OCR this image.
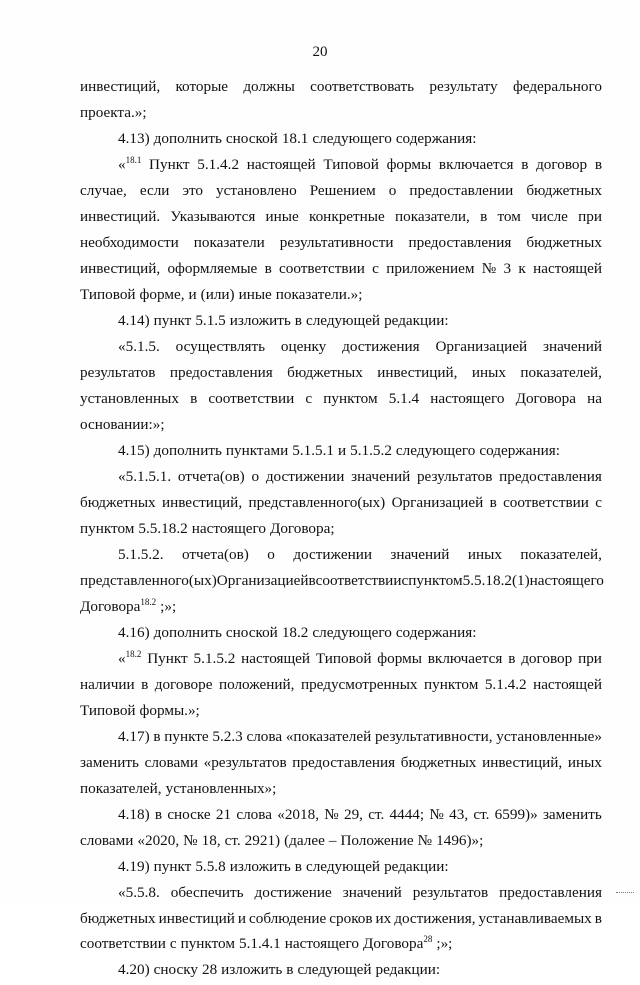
20
инвестиций, которые должны соответствовать результату федерального
проекта.»;
4.13) дополнить сноской 18.1 следующего содержания:
«$^{18.1}$ Пункт 5.1.4.2 настоящей Типовой формы включается в договор в
случае, если это установлено Решением о предоставлении бюджетных
инвестиций. Указываются иные конкретные показатели, в том числе при
необходимости показатели результативности предоставления бюджетных
инвестиций, оформляемые в соответствии с приложением № 3 к настоящей
Типовой форме, и (или) иные показатели.»;
4.14) пункт 5.1.5 изложить в следующей редакции:
«5.1.5. осуществлять оценку достижения Организацией значений
результатов предоставления бюджетных инвестиций, иных показателей,
установленных в соответствии с пунктом 5.1.4 настоящего Договора на
основании:»;
4.15) дополнить пунктами 5.1.5.1 и 5.1.5.2 следующего содержания:
«5.1.5.1. отчета(ов) о достижении значений результатов предоставления
бюджетных инвестиций, представленного(ых) Организацией в соответствии с
пунктом 5.5.18.2 настоящего Договора;
5.1.5.2. отчета(ов) о достижении значений иных показателей,
представленного(ых) Организацией в соответствии с пунктом 5.5.18.2(1) настоящего
Договора$^{18.2}$ ;»;
4.16) дополнить сноской 18.2 следующего содержания:
«$^{18.2}$ Пункт 5.1.5.2 настоящей Типовой формы включается в договор при
наличии в договоре положений, предусмотренных пунктом 5.1.4.2 настоящей
Типовой формы.»;
4.17) в пункте 5.2.3 слова «показателей результативности, установленные»
заменить словами «результатов предоставления бюджетных инвестиций, иных
показателей, установленных»;
4.18) в сноске 21 слова «2018, № 29, ст. 4444; № 43, ст. 6599)» заменить
словами «2020, № 18, ст. 2921) (далее – Положение № 1496)»;
4.19) пункт 5.5.8 изложить в следующей редакции:
«5.5.8. обеспечить достижение значений результатов предоставления
бюджетных инвестиций и соблюдение сроков их достижения, устанавливаемых в
соответствии с пунктом 5.1.4.1 настоящего Договора$^{28}$ ;»;
4.20) сноску 28 изложить в следующей редакции:
